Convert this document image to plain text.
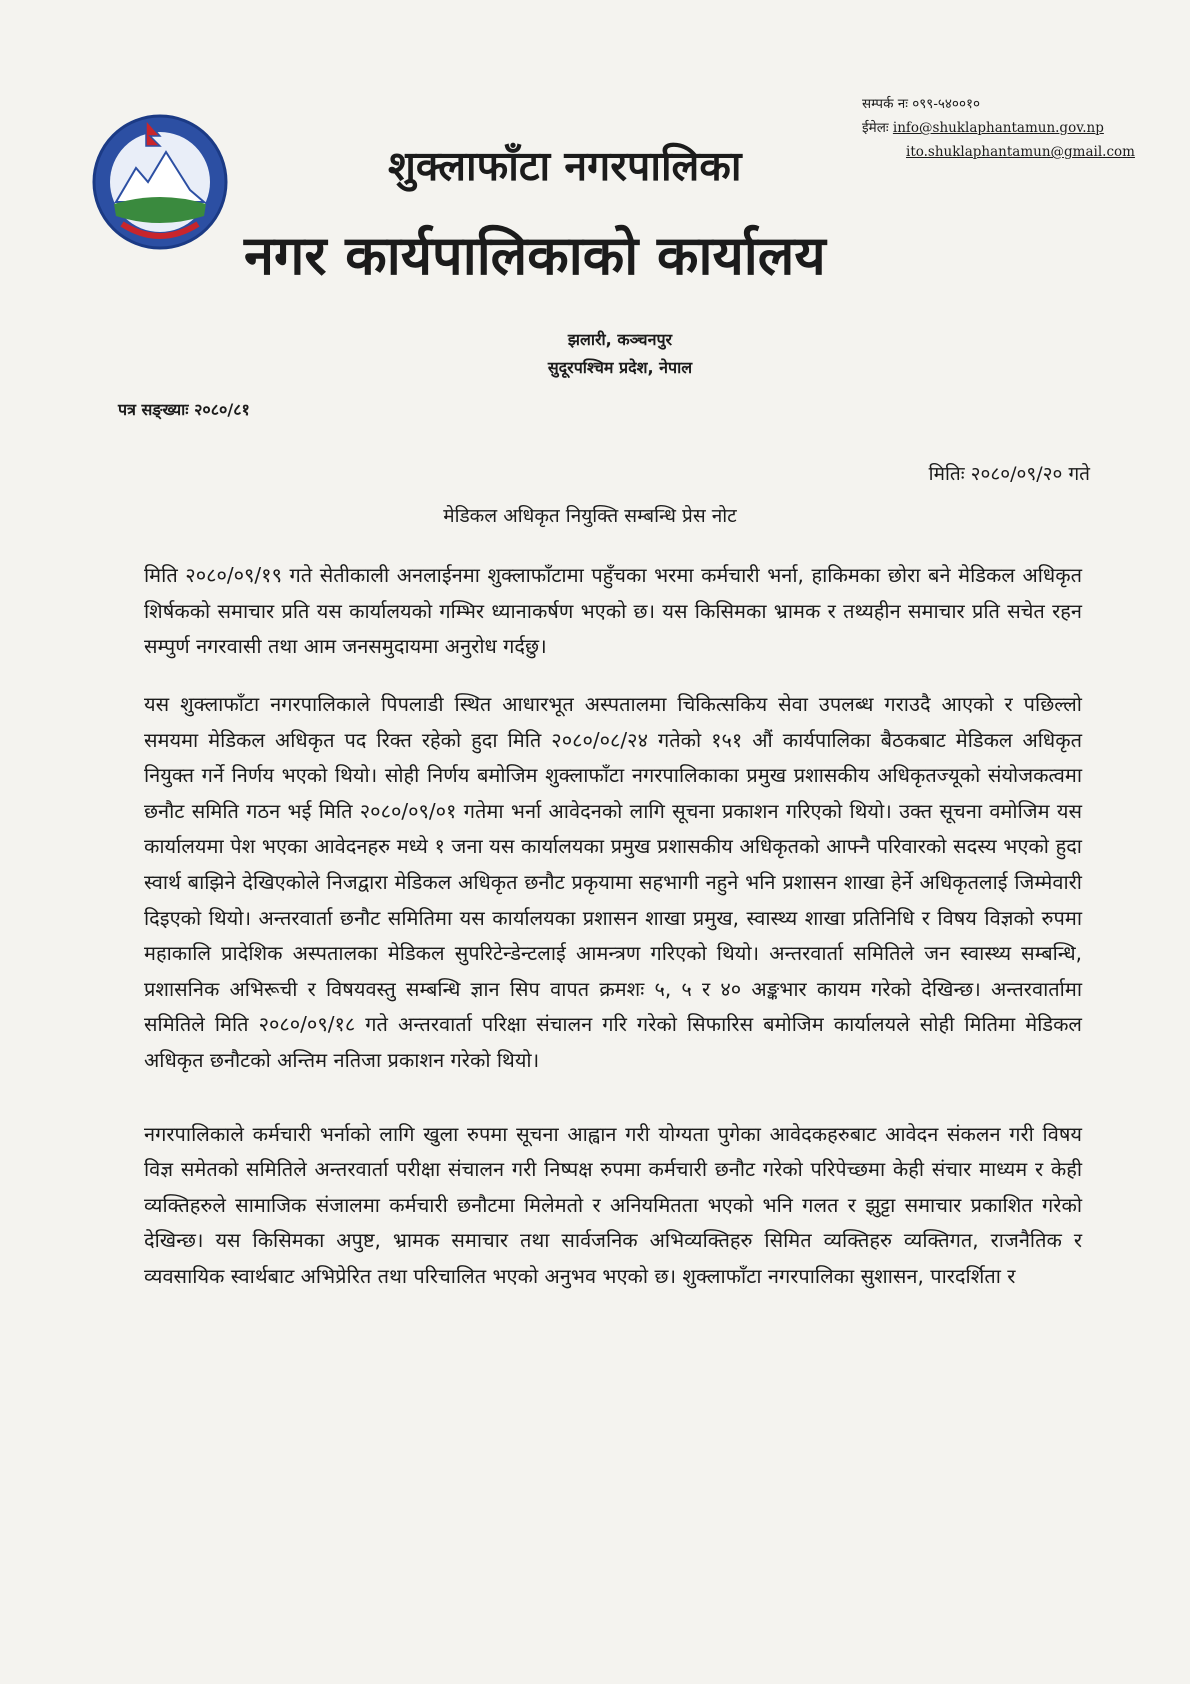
सम्पर्क नः ०९९-५४००१०
ईमेलः info@shuklaphantamun.gov.np
ito.shuklaphantamun@gmail.com
शुक्लाफाँटा नगरपालिका
नगर कार्यपालिकाको कार्यालय
झलारी, कञ्चनपुर
सुदूरपश्चिम प्रदेश, नेपाल
पत्र सङ्ख्याः २०८०/८१
मितिः २०८०/०९/२० गते
मेडिकल अधिकृत नियुक्ति सम्बन्धि प्रेस नोट

मिति २०८०/०९/१९ गते सेतीकाली अनलाईनमा शुक्लाफाँटामा पहुँचका भरमा कर्मचारी भर्ना, हाकिमका छोरा बने मेडिकल अधिकृत शिर्षकको समाचार प्रति यस कार्यालयको गम्भिर ध्यानाकर्षण भएको छ। यस किसिमका भ्रामक र तथ्यहीन समाचार प्रति सचेत रहन सम्पुर्ण नगरवासी तथा आम जनसमुदायमा अनुरोध गर्दछु।

यस शुक्लाफाँटा नगरपालिकाले पिपलाडी स्थित आधारभूत अस्पतालमा चिकित्सकिय सेवा उपलब्ध गराउदै आएको र पछिल्लो समयमा मेडिकल अधिकृत पद रिक्त रहेको हुदा मिति २०८०/०८/२४ गतेको १५१ औं कार्यपालिका बैठकबाट मेडिकल अधिकृत नियुक्त गर्ने निर्णय भएको थियो। सोही निर्णय बमोजिम शुक्लाफाँटा नगरपालिकाका प्रमुख प्रशासकीय अधिकृतज्यूको संयोजकत्वमा छनौट समिति गठन भई मिति २०८०/०९/०१ गतेमा भर्ना आवेदनको लागि सूचना प्रकाशन गरिएको थियो। उक्त सूचना वमोजिम यस कार्यालयमा पेश भएका आवेदनहरु मध्ये १ जना यस कार्यालयका प्रमुख प्रशासकीय अधिकृतको आफ्नै परिवारको सदस्य भएको हुदा स्वार्थ बाझिने देखिएकोले निजद्वारा मेडिकल अधिकृत छनौट प्रकृयामा सहभागी नहुने भनि प्रशासन शाखा हेर्ने अधिकृतलाई जिम्मेवारी दिइएको थियो। अन्तरवार्ता छनौट समितिमा यस कार्यालयका प्रशासन शाखा प्रमुख, स्वास्थ्य शाखा प्रतिनिधि र विषय विज्ञको रुपमा महाकालि प्रादेशिक अस्पतालका मेडिकल सुपरिटेन्डेन्टलाई आमन्त्रण गरिएको थियो। अन्तरवार्ता समितिले जन स्वास्थ्य सम्बन्धि, प्रशासनिक अभिरूची र विषयवस्तु सम्बन्धि ज्ञान सिप वापत क्रमशः ५, ५ र ४० अङ्कभार कायम गरेको देखिन्छ। अन्तरवार्तामा समितिले मिति २०८०/०९/१८ गते अन्तरवार्ता परिक्षा संचालन गरि गरेको सिफारिस बमोजिम कार्यालयले सोही मितिमा मेडिकल अधिकृत छनौटको अन्तिम नतिजा प्रकाशन गरेको थियो।

नगरपालिकाले कर्मचारी भर्नाको लागि खुला रुपमा सूचना आह्वान गरी योग्यता पुगेका आवेदकहरुबाट आवेदन संकलन गरी विषय विज्ञ समेतको समितिले अन्तरवार्ता परीक्षा संचालन गरी निष्पक्ष रुपमा कर्मचारी छनौट गरेको परिपेच्छमा केही संचार माध्यम र केही व्यक्तिहरुले सामाजिक संजालमा कर्मचारी छनौटमा मिलेमतो र अनियमितता भएको भनि गलत र झुट्टा समाचार प्रकाशित गरेको देखिन्छ। यस किसिमका अपुष्ट, भ्रामक समाचार तथा सार्वजनिक अभिव्यक्तिहरु सिमित व्यक्तिहरु व्यक्तिगत, राजनैतिक र व्यवसायिक स्वार्थबाट अभिप्रेरित तथा परिचालित भएको अनुभव भएको छ। शुक्लाफाँटा नगरपालिका सुशासन, पारदर्शिता र
